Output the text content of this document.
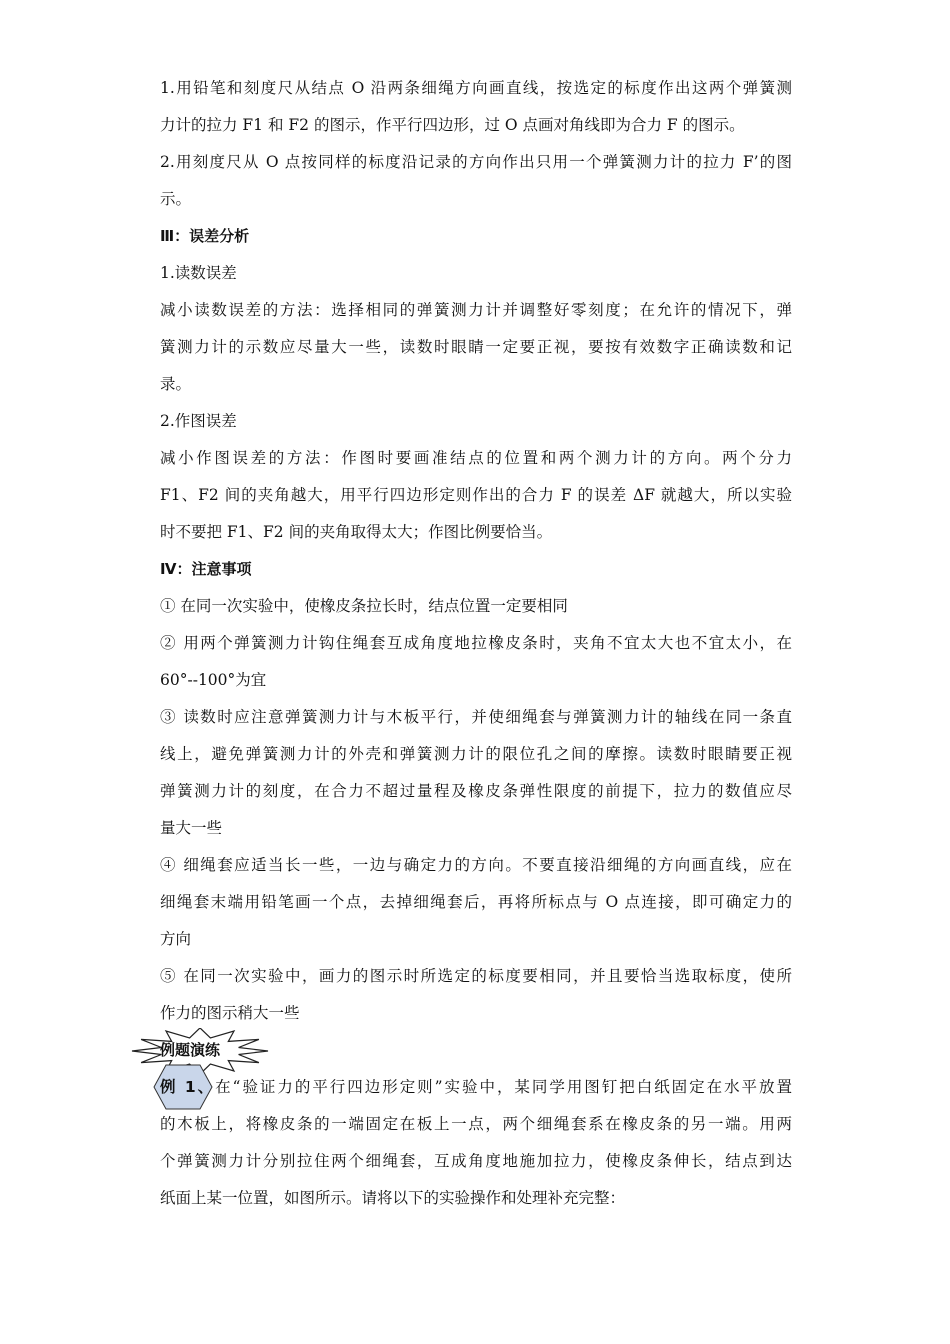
1.用铅笔和刻度尺从结点 O 沿两条细绳方向画直线，按选定的标度作出这两个弹簧测
力计的拉力 F1 和 F2 的图示，作平行四边形，过 O 点画对角线即为合力 F 的图示。
2.用刻度尺从 O 点按同样的标度沿记录的方向作出只用一个弹簧测力计的拉力 F’的图
示。
Ⅲ：误差分析
1.读数误差
减小读数误差的方法：选择相同的弹簧测力计并调整好零刻度；在允许的情况下，弹
簧测力计的示数应尽量大一些，读数时眼睛一定要正视，要按有效数字正确读数和记
录。
2.作图误差
减小作图误差的方法：作图时要画准结点的位置和两个测力计的方向。两个分力
F1、F2 间的夹角越大，用平行四边形定则作出的合力 F 的误差 ΔF 就越大，所以实验
时不要把 F1、F2 间的夹角取得太大；作图比例要恰当。
Ⅳ：注意事项
① 在同一次实验中，使橡皮条拉长时，结点位置一定要相同
② 用两个弹簧测力计钩住绳套互成角度地拉橡皮条时，夹角不宜太大也不宜太小，在
60°--100°为宜
③ 读数时应注意弹簧测力计与木板平行，并使细绳套与弹簧测力计的轴线在同一条直
线上，避免弹簧测力计的外壳和弹簧测力计的限位孔之间的摩擦。读数时眼睛要正视
弹簧测力计的刻度，在合力不超过量程及橡皮条弹性限度的前提下，拉力的数值应尽
量大一些
④ 细绳套应适当长一些，一边与确定力的方向。不要直接沿细绳的方向画直线，应在
细绳套末端用铅笔画一个点，去掉细绳套后，再将所标点与 O 点连接，即可确定力的
方向
⑤ 在同一次实验中，画力的图示时所选定的标度要相同，并且要恰当选取标度，使所
作力的图示稍大一些
例题演练
例 1、在“验证力的平行四边形定则”实验中，某同学用图钉把白纸固定在水平放置
的木板上，将橡皮条的一端固定在板上一点，两个细绳套系在橡皮条的另一端。用两
个弹簧测力计分别拉住两个细绳套，互成角度地施加拉力，使橡皮条伸长，结点到达
纸面上某一位置，如图所示。请将以下的实验操作和处理补充完整：
